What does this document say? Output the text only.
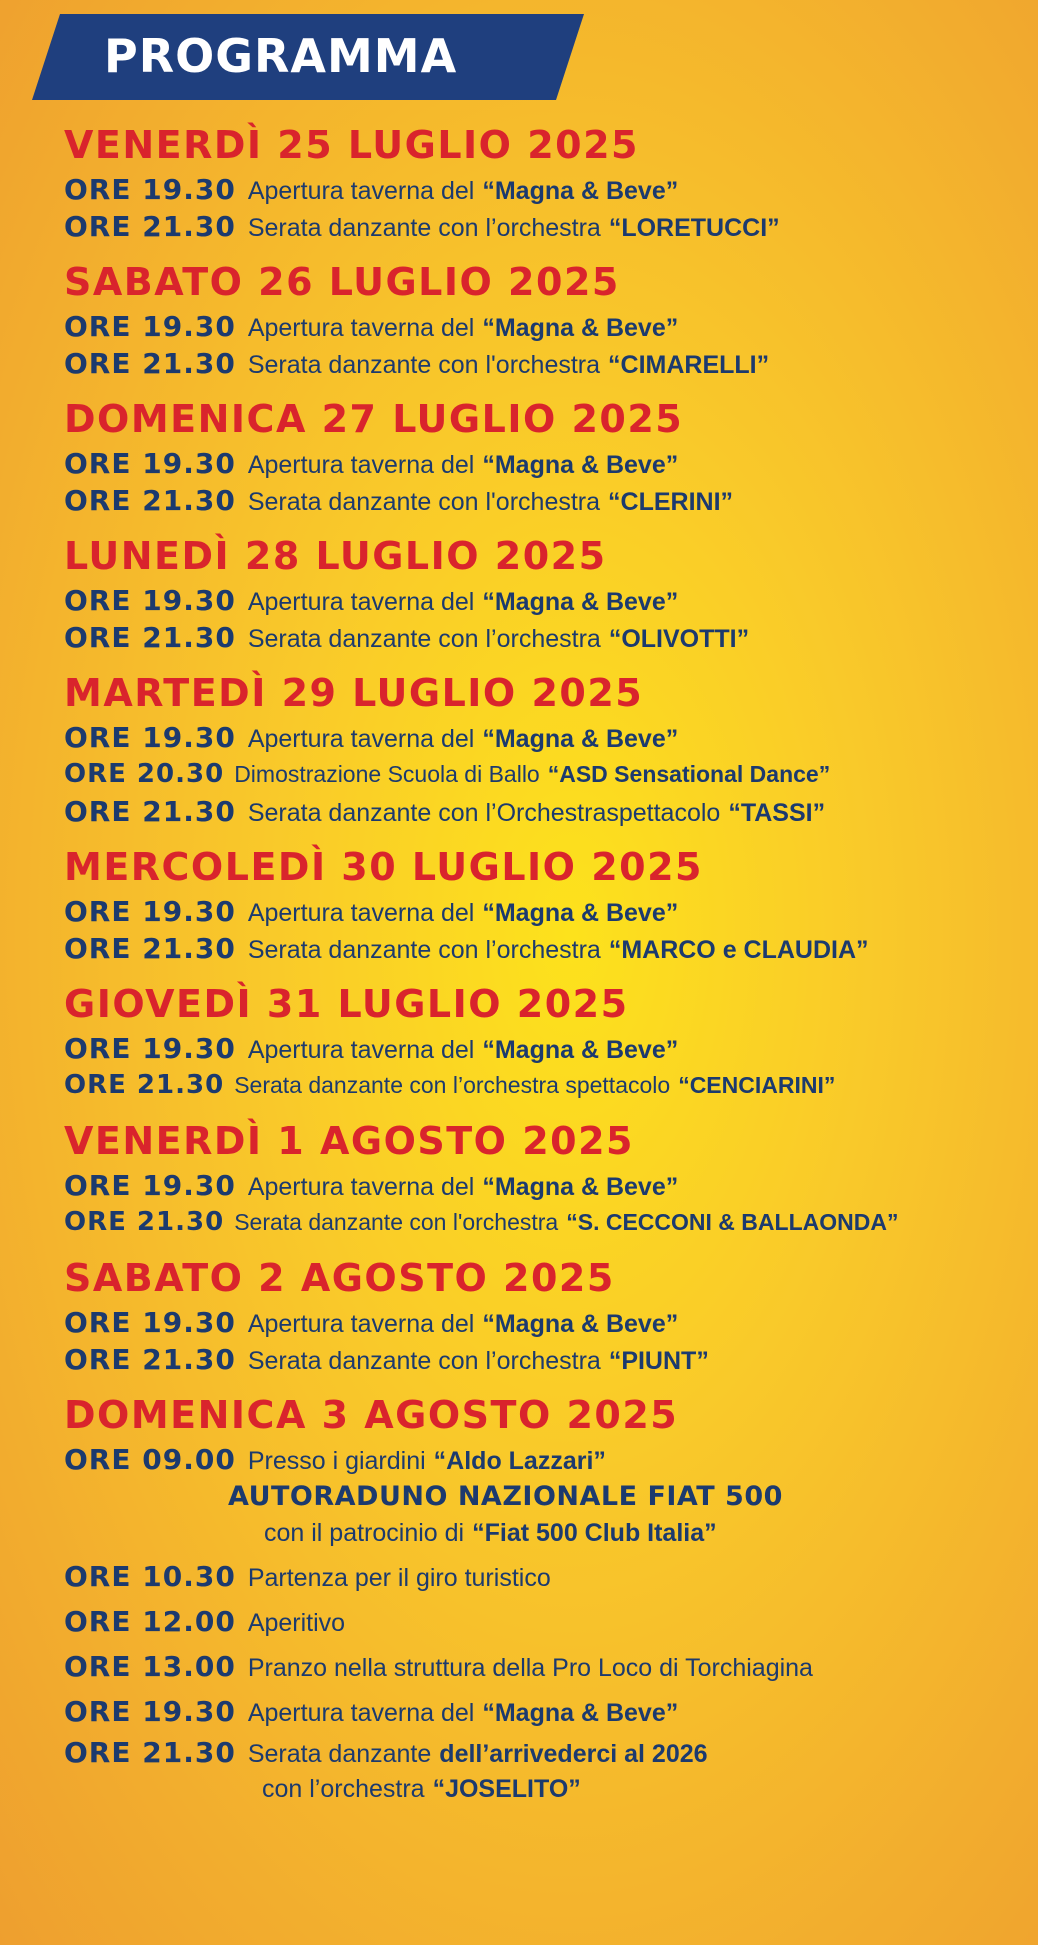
PROGRAMMA
VENERDÌ 25 LUGLIO 2025
ORE 19.30 Apertura taverna del “Magna & Beve”
ORE 21.30 Serata danzante con l’orchestra “LORETUCCI”
SABATO 26 LUGLIO 2025
ORE 19.30 Apertura taverna del “Magna & Beve”
ORE 21.30 Serata danzante con l'orchestra “CIMARELLI”
DOMENICA 27 LUGLIO 2025
ORE 19.30 Apertura taverna del “Magna & Beve”
ORE 21.30 Serata danzante con l'orchestra “CLERINI”
LUNEDÌ 28 LUGLIO 2025
ORE 19.30 Apertura taverna del “Magna & Beve”
ORE 21.30 Serata danzante con l’orchestra “OLIVOTTI”
MARTEDÌ 29 LUGLIO 2025
ORE 19.30 Apertura taverna del “Magna & Beve”
ORE 20.30 Dimostrazione Scuola di Ballo “ASD Sensational Dance”
ORE 21.30 Serata danzante con l’Orchestraspettacolo “TASSI”
MERCOLEDÌ 30 LUGLIO 2025
ORE 19.30 Apertura taverna del “Magna & Beve”
ORE 21.30 Serata danzante con l’orchestra “MARCO e CLAUDIA”
GIOVEDÌ 31 LUGLIO 2025
ORE 19.30 Apertura taverna del “Magna & Beve”
ORE 21.30 Serata danzante con l’orchestra spettacolo “CENCIARINI”
VENERDÌ 1 AGOSTO 2025
ORE 19.30 Apertura taverna del “Magna & Beve”
ORE 21.30 Serata danzante con l'orchestra “S. CECCONI & BALLAONDA”
SABATO 2 AGOSTO 2025
ORE 19.30 Apertura taverna del “Magna & Beve”
ORE 21.30 Serata danzante con l’orchestra “PIUNT”
DOMENICA 3 AGOSTO 2025
ORE 09.00 Presso i giardini “Aldo Lazzari”
AUTORADUNO NAZIONALE FIAT 500
con il patrocinio di “Fiat 500 Club Italia”
ORE 10.30 Partenza per il giro turistico
ORE 12.00 Aperitivo
ORE 13.00 Pranzo nella struttura della Pro Loco di Torchiagina
ORE 19.30 Apertura taverna del “Magna & Beve”
ORE 21.30 Serata danzante dell’arrivederci al 2026
con l’orchestra “JOSELITO”
